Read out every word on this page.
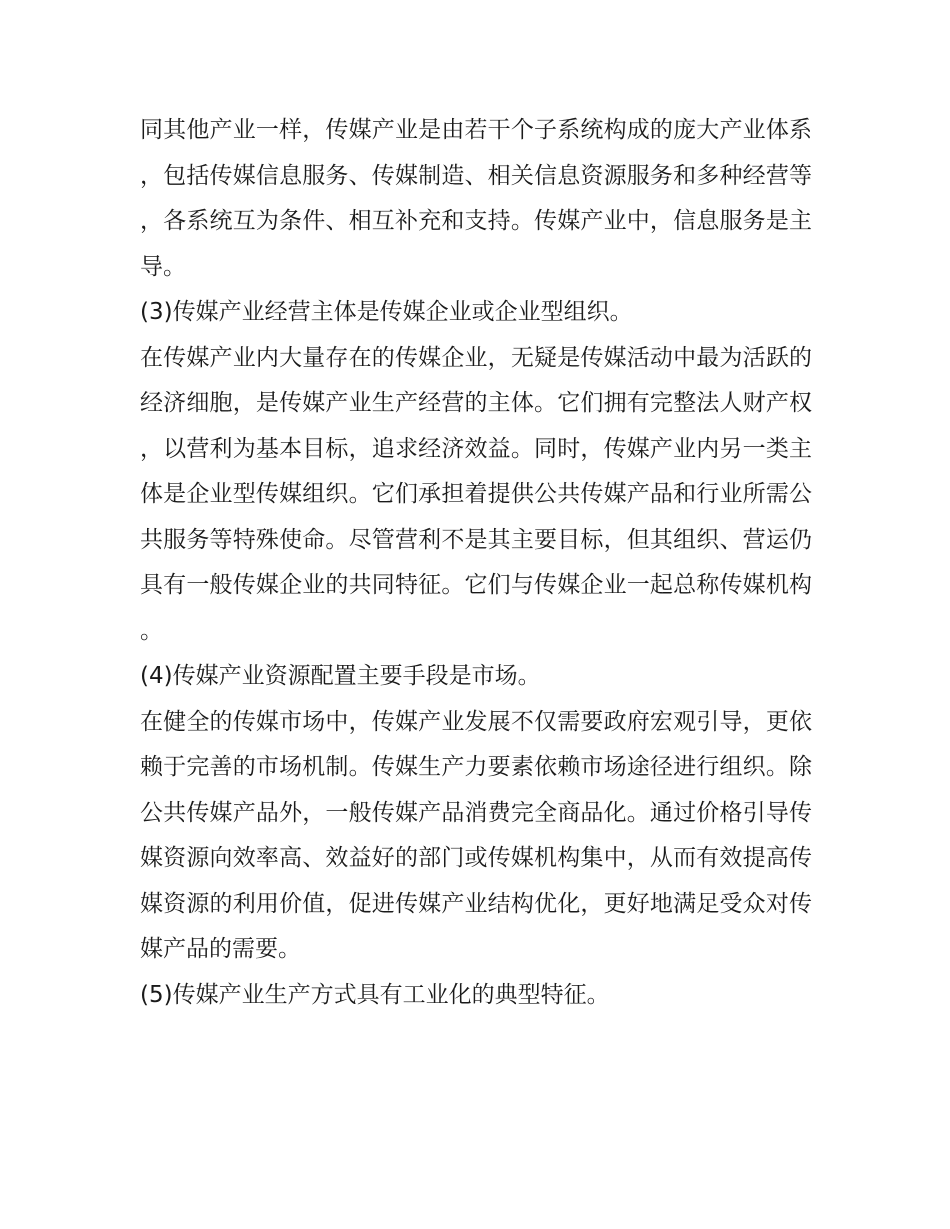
同其他产业一样，传媒产业是由若干个子系统构成的庞大产业体系，包括传媒信息服务、传媒制造、相关信息资源服务和多种经营等，各系统互为条件、相互补充和支持。传媒产业中，信息服务是主导。

(3)传媒产业经营主体是传媒企业或企业型组织。

在传媒产业内大量存在的传媒企业，无疑是传媒活动中最为活跃的经济细胞，是传媒产业生产经营的主体。它们拥有完整法人财产权，以营利为基本目标，追求经济效益。同时，传媒产业内另一类主体是企业型传媒组织。它们承担着提供公共传媒产品和行业所需公共服务等特殊使命。尽管营利不是其主要目标，但其组织、营运仍具有一般传媒企业的共同特征。它们与传媒企业一起总称传媒机构。

(4)传媒产业资源配置主要手段是市场。

在健全的传媒市场中，传媒产业发展不仅需要政府宏观引导，更依赖于完善的市场机制。传媒生产力要素依赖市场途径进行组织。除公共传媒产品外，一般传媒产品消费完全商品化。通过价格引导传媒资源向效率高、效益好的部门或传媒机构集中，从而有效提高传媒资源的利用价值，促进传媒产业结构优化，更好地满足受众对传媒产品的需要。

(5)传媒产业生产方式具有工业化的典型特征。
